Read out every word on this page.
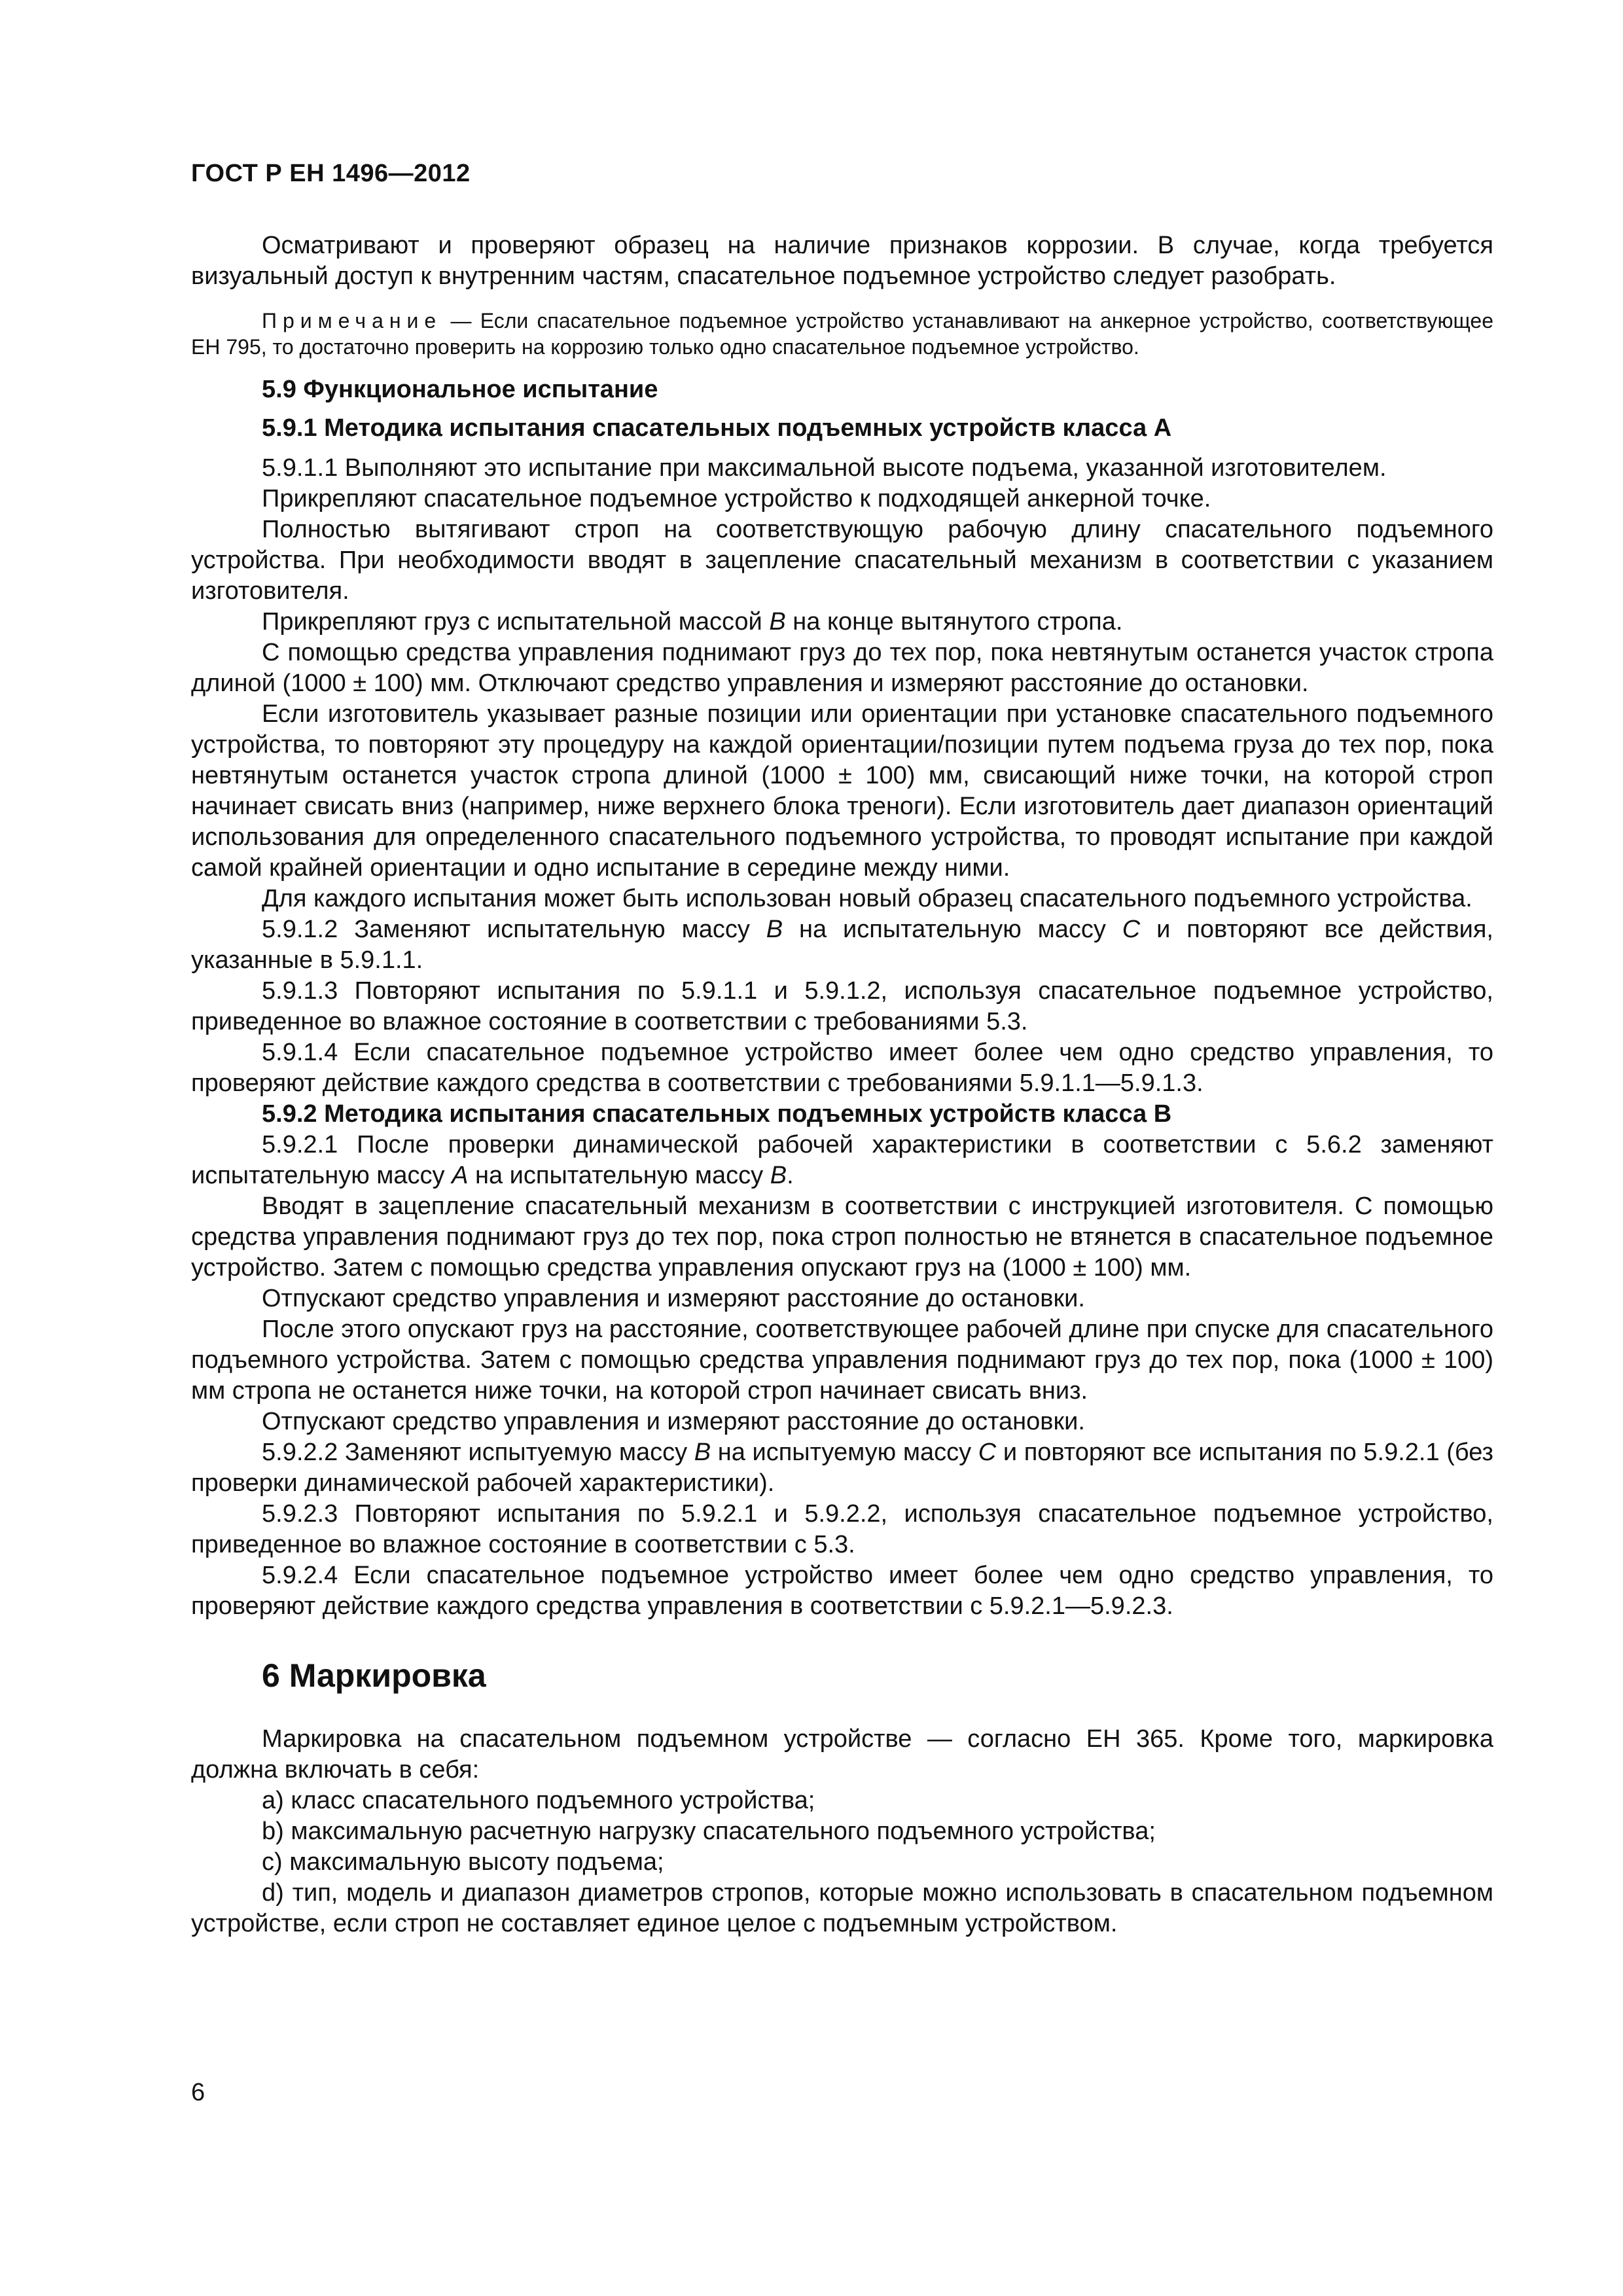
ГОСТ Р ЕН 1496—2012

Осматривают и проверяют образец на наличие признаков коррозии. В случае, когда требуется визуальный доступ к внутренним частям, спасательное подъемное устройство следует разобрать.

Примечание — Если спасательное подъемное устройство устанавливают на анкерное устройство, соответствующее ЕН 795, то достаточно проверить на коррозию только одно спасательное подъемное устройство.

5.9 Функциональное испытание
5.9.1 Методика испытания спасательных подъемных устройств класса А

5.9.1.1 Выполняют это испытание при максимальной высоте подъема, указанной изготовителем.

Прикрепляют спасательное подъемное устройство к подходящей анкерной точке.

Полностью вытягивают строп на соответствующую рабочую длину спасательного подъемного устройства. При необходимости вводят в зацепление спасательный механизм в соответствии с указанием изготовителя.

Прикрепляют груз с испытательной массой В на конце вытянутого стропа.

С помощью средства управления поднимают груз до тех пор, пока невтянутым останется участок стропа длиной (1000 ± 100) мм. Отключают средство управления и измеряют расстояние до остановки.

Если изготовитель указывает разные позиции или ориентации при установке спасательного подъемного устройства, то повторяют эту процедуру на каждой ориентации/позиции путем подъема груза до тех пор, пока невтянутым останется участок стропа длиной (1000 ± 100) мм, свисающий ниже точки, на которой строп начинает свисать вниз (например, ниже верхнего блока треноги). Если изготовитель дает диапазон ориентаций использования для определенного спасательного подъемного устройства, то проводят испытание при каждой самой крайней ориентации и одно испытание в середине между ними.

Для каждого испытания может быть использован новый образец спасательного подъемного устройства.

5.9.1.2 Заменяют испытательную массу В на испытательную массу С и повторяют все действия, указанные в 5.9.1.1.

5.9.1.3 Повторяют испытания по 5.9.1.1 и 5.9.1.2, используя спасательное подъемное устройство, приведенное во влажное состояние в соответствии с требованиями 5.3.

5.9.1.4 Если спасательное подъемное устройство имеет более чем одно средство управления, то проверяют действие каждого средства в соответствии с требованиями 5.9.1.1—5.9.1.3.

5.9.2 Методика испытания спасательных подъемных устройств класса В

5.9.2.1 После проверки динамической рабочей характеристики в соответствии с 5.6.2 заменяют испытательную массу А на испытательную массу В.

Вводят в зацепление спасательный механизм в соответствии с инструкцией изготовителя. С помощью средства управления поднимают груз до тех пор, пока строп полностью не втянется в спасательное подъемное устройство. Затем с помощью средства управления опускают груз на (1000 ± 100) мм.

Отпускают средство управления и измеряют расстояние до остановки.

После этого опускают груз на расстояние, соответствующее рабочей длине при спуске для спасательного подъемного устройства. Затем с помощью средства управления поднимают груз до тех пор, пока (1000 ± 100) мм стропа не останется ниже точки, на которой строп начинает свисать вниз.

Отпускают средство управления и измеряют расстояние до остановки.

5.9.2.2 Заменяют испытуемую массу В на испытуемую массу С и повторяют все испытания по 5.9.2.1 (без проверки динамической рабочей характеристики).

5.9.2.3 Повторяют испытания по 5.9.2.1 и 5.9.2.2, используя спасательное подъемное устройство, приведенное во влажное состояние в соответствии с 5.3.

5.9.2.4 Если спасательное подъемное устройство имеет более чем одно средство управления, то проверяют действие каждого средства управления в соответствии с 5.9.2.1—5.9.2.3.

6 Маркировка

Маркировка на спасательном подъемном устройстве — согласно ЕН 365. Кроме того, маркировка должна включать в себя:

а) класс спасательного подъемного устройства;

b) максимальную расчетную нагрузку спасательного подъемного устройства;

с) максимальную высоту подъема;

d) тип, модель и диапазон диаметров стропов, которые можно использовать в спасательном подъемном устройстве, если строп не составляет единое целое с подъемным устройством.

6
